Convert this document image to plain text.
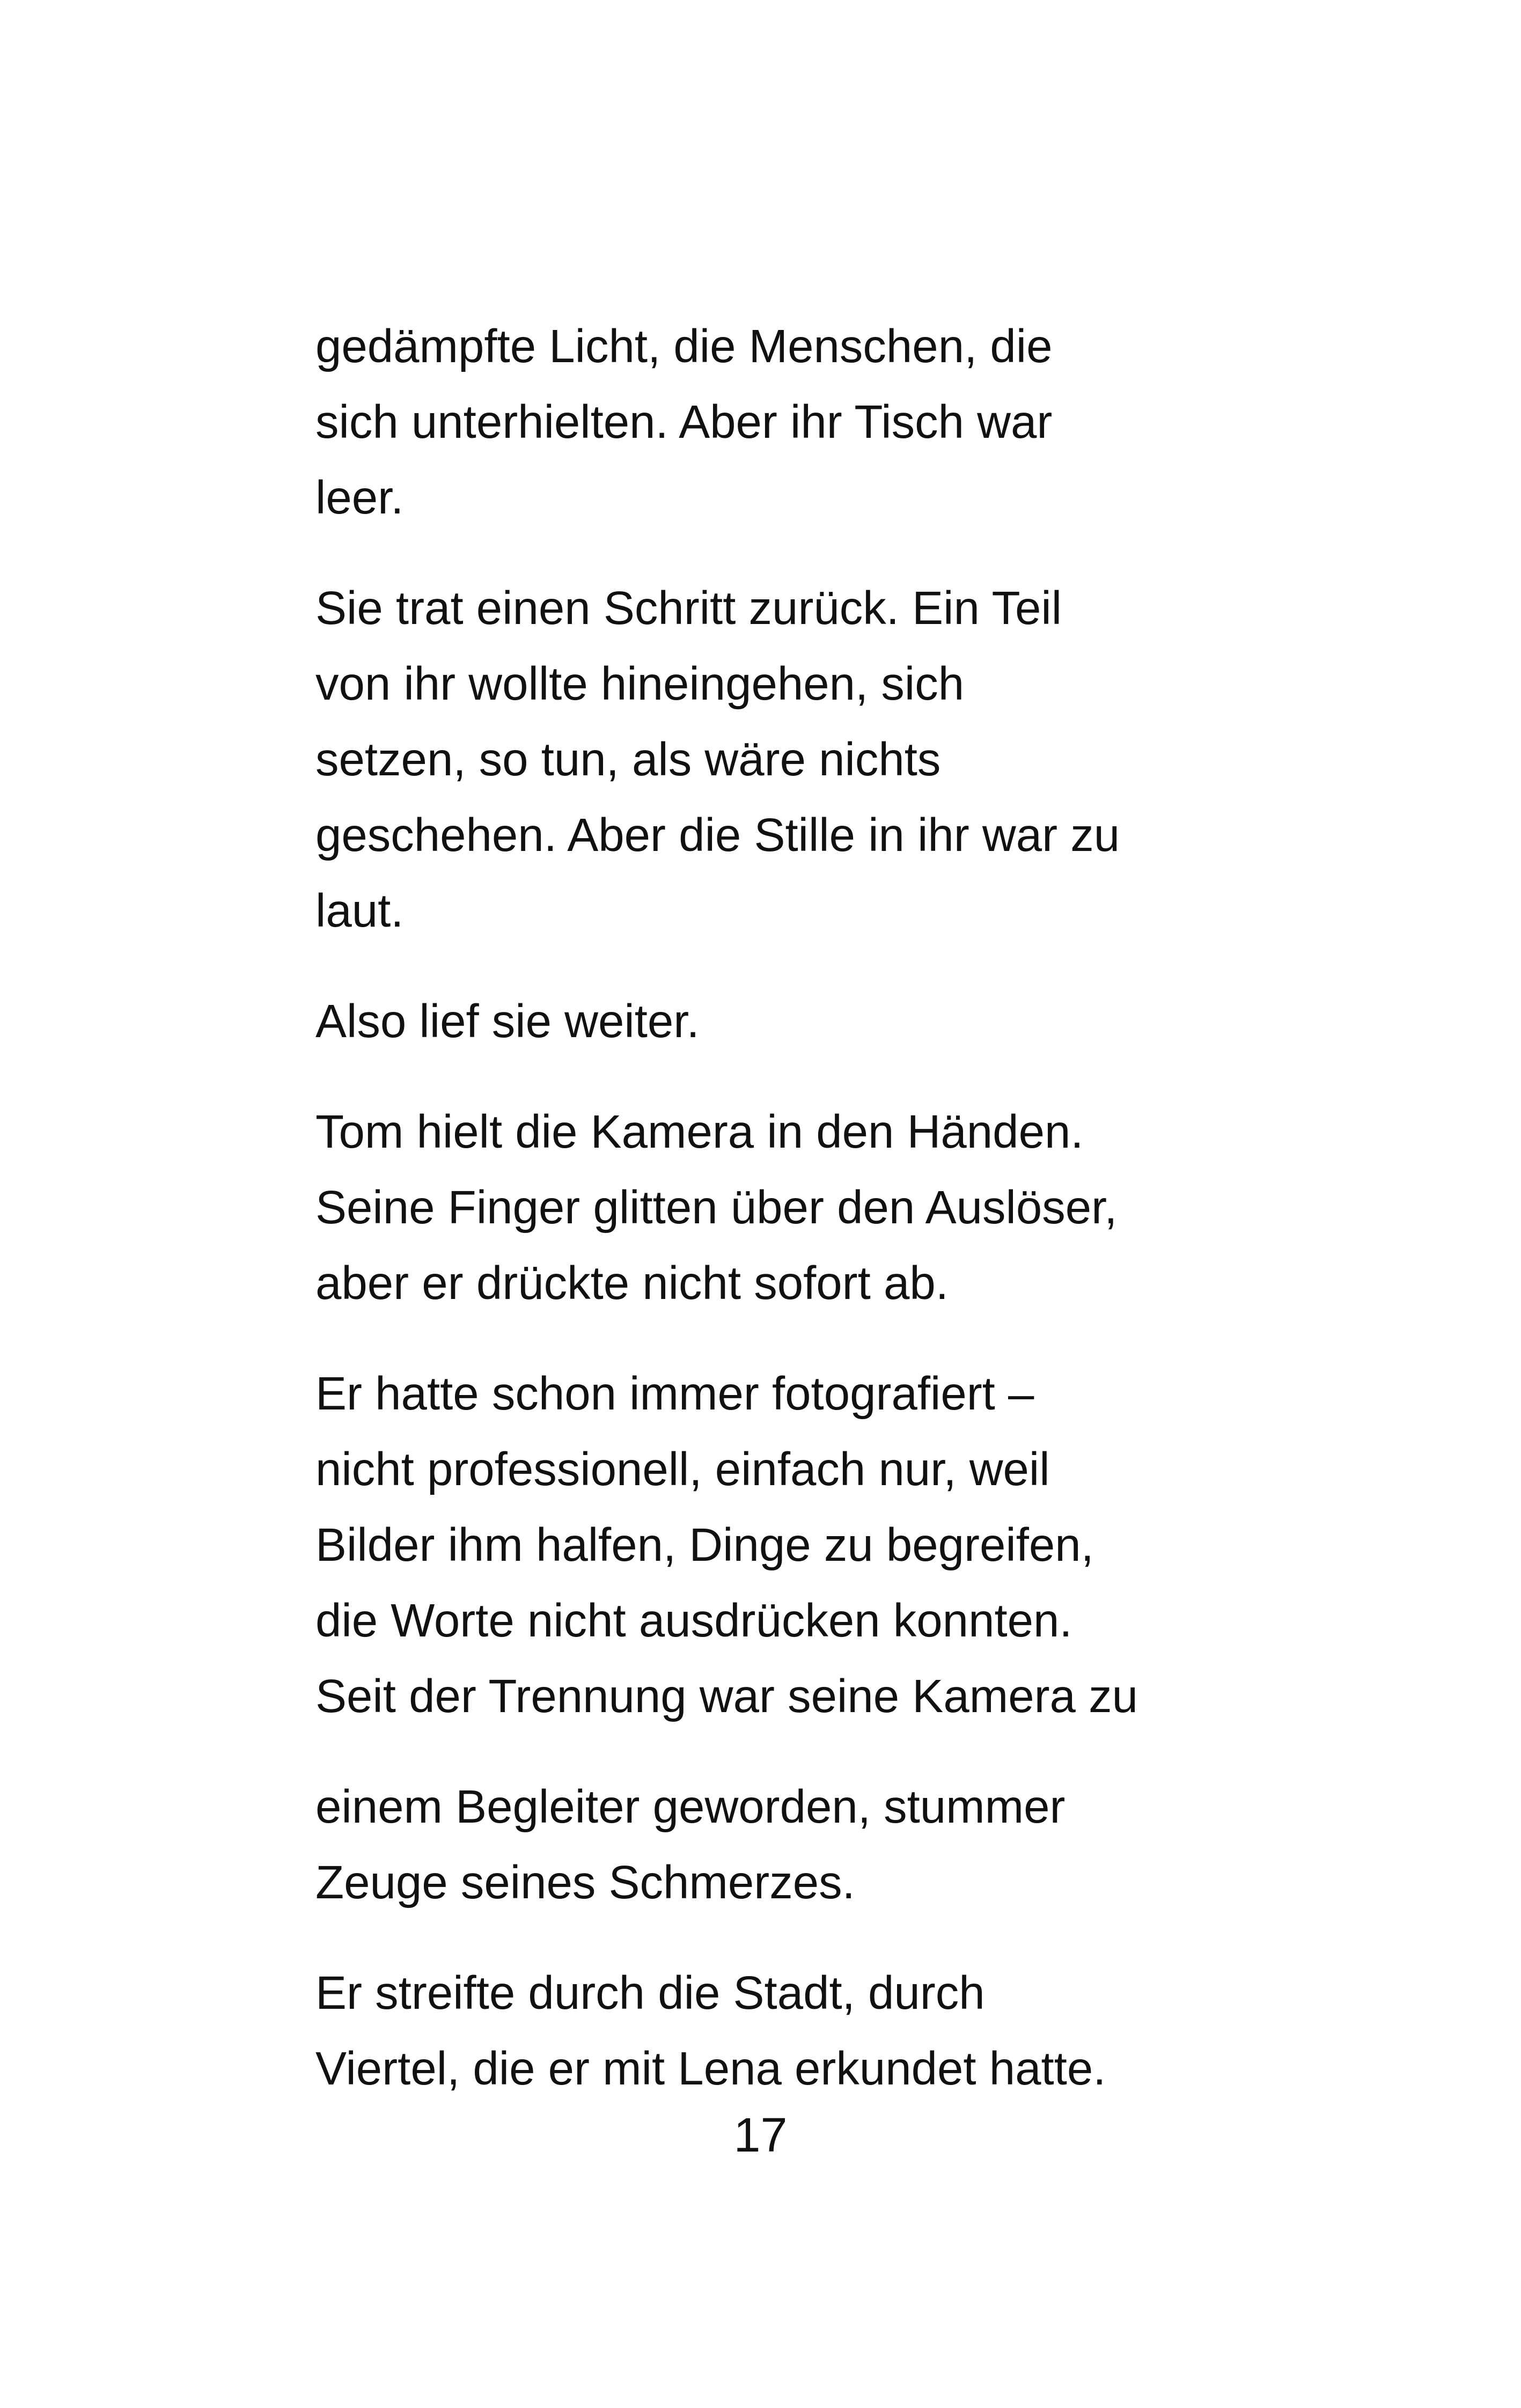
gedämpfte Licht, die Menschen, die
sich unterhielten. Aber ihr Tisch war
leer.
Sie trat einen Schritt zurück. Ein Teil
von ihr wollte hineingehen, sich
setzen, so tun, als wäre nichts
geschehen. Aber die Stille in ihr war zu
laut.
Also lief sie weiter.
Tom hielt die Kamera in den Händen.
Seine Finger glitten über den Auslöser,
aber er drückte nicht sofort ab.
Er hatte schon immer fotografiert –
nicht professionell, einfach nur, weil
Bilder ihm halfen, Dinge zu begreifen,
die Worte nicht ausdrücken konnten.
Seit der Trennung war seine Kamera zu
einem Begleiter geworden, stummer
Zeuge seines Schmerzes.
Er streifte durch die Stadt, durch
Viertel, die er mit Lena erkundet hatte.
17
